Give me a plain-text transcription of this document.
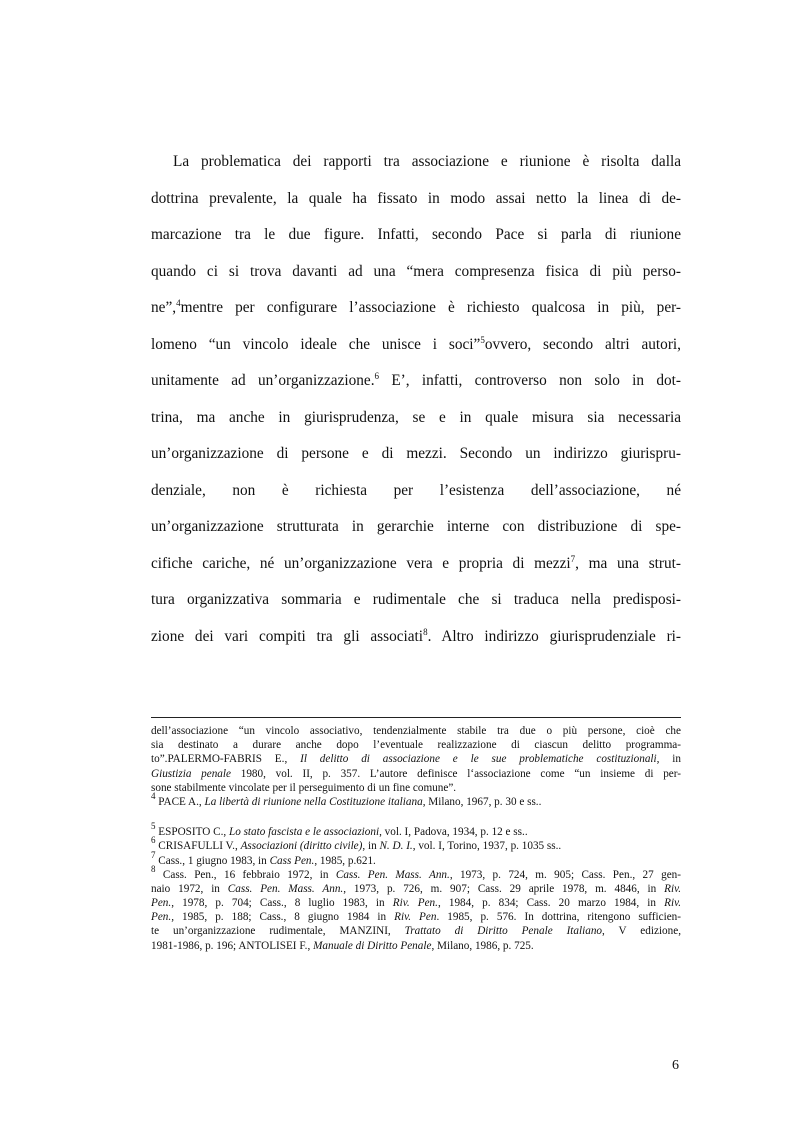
La problematica dei rapporti tra associazione e riunione è risolta dalla
dottrina prevalente, la quale ha fissato in modo assai netto la linea di de-
marcazione tra le due figure. Infatti, secondo Pace si parla di riunione
quando ci si trova davanti ad una “mera compresenza fisica di più perso-
ne”,$^4$mentre per configurare l’associazione è richiesto qualcosa in più, per-
lomeno “un vincolo ideale che unisce i soci”$^5$ovvero, secondo altri autori,
unitamente ad un’organizzazione.$^6$ E’, infatti, controverso non solo in dot-
trina, ma anche in giurisprudenza, se e in quale misura sia necessaria
un’organizzazione di persone e di mezzi. Secondo un indirizzo giurispru-
denziale, non è richiesta per l’esistenza dell’associazione, né
un’organizzazione strutturata in gerarchie interne con distribuzione di spe-
cifiche cariche, né un’organizzazione vera e propria di mezzi$^7$, ma una strut-
tura organizzativa sommaria e rudimentale che si traduca nella predisposi-
zione dei vari compiti tra gli associati$^8$. Altro indirizzo giurisprudenziale ri-
dell’associazione “un vincolo associativo, tendenzialmente stabile tra due o più persone, cioè che
sia destinato a durare anche dopo l’eventuale realizzazione di ciascun delitto programma-
to”.PALERMO-FABRIS E., Il delitto di associazione e le sue problematiche costituzionali, in
Giustizia penale 1980, vol. II, p. 357. L’autore definisce l‘associazione come “un insieme di per-
sone stabilmente vincolate per il perseguimento di un fine comune”.
$^4$ PACE A., La libertà di riunione nella Costituzione italiana, Milano, 1967, p. 30 e ss..
$^5$ ESPOSITO C., Lo stato fascista e le associazioni, vol. I, Padova, 1934, p. 12 e ss..
$^6$ CRISAFULLI V., Associazioni (diritto civile), in N. D. I., vol. I, Torino, 1937, p. 1035 ss..
$^7$ Cass., 1 giugno 1983, in Cass Pen., 1985, p.621.
$^8$ Cass. Pen., 16 febbraio 1972, in Cass. Pen. Mass. Ann., 1973, p. 724, m. 905; Cass. Pen., 27 gen-
naio 1972, in Cass. Pen. Mass. Ann., 1973, p. 726, m. 907; Cass. 29 aprile 1978, m. 4846, in Riv.
Pen., 1978, p. 704; Cass., 8 luglio 1983, in Riv. Pen., 1984, p. 834; Cass. 20 marzo 1984, in Riv.
Pen., 1985, p. 188; Cass., 8 giugno 1984 in Riv. Pen. 1985, p. 576. In dottrina, ritengono sufficien-
te un’organizzazione rudimentale, MANZINI, Trattato di Diritto Penale Italiano, V edizione,
1981-1986, p. 196; ANTOLISEI F., Manuale di Diritto Penale, Milano, 1986, p. 725.
6
